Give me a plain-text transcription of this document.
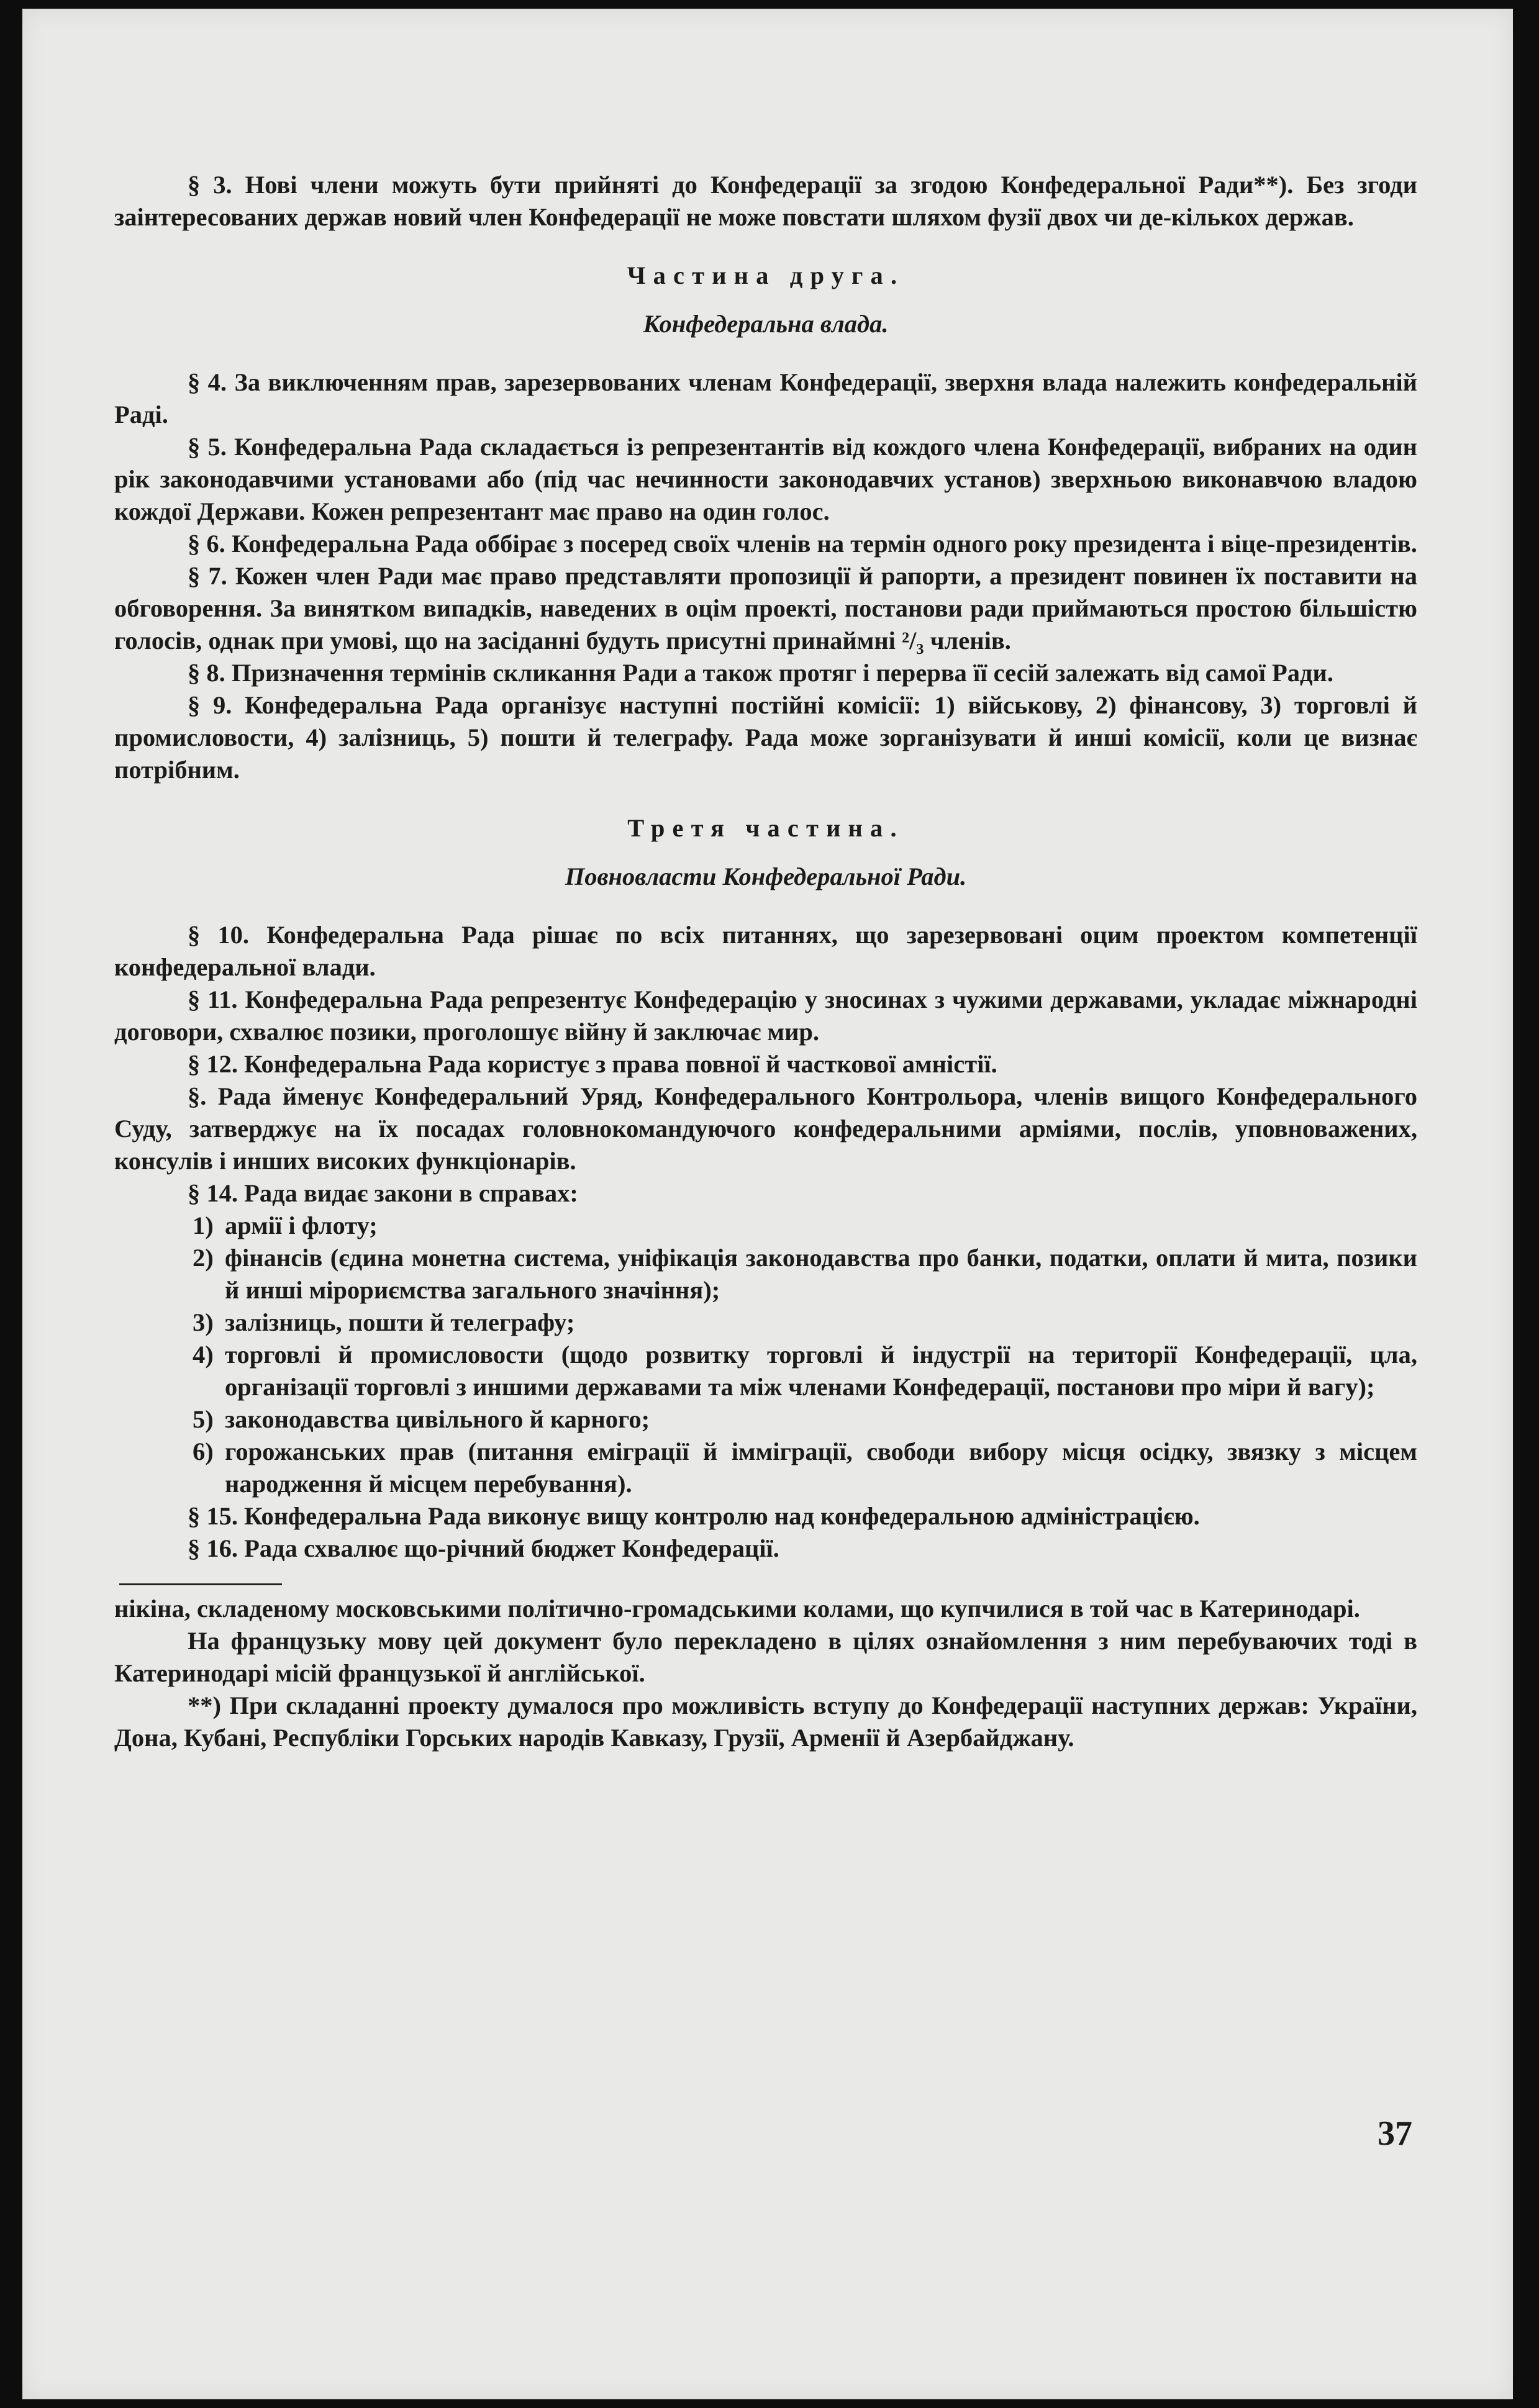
§ 3. Нові члени можуть бути прийняті до Конфедерації за згодою Конфедеральної Ради**). Без згоди заінтересованих держав новий член Конфедерації не може повстати шляхом фузії двох чи де-кількох держав.

Частина друга.

Конфедеральна влада.

§ 4. За виключенням прав, зарезервованих членам Конфедерації, зверхня влада належить конфедеральній Раді.

§ 5. Конфедеральна Рада складається із репрезентантів від кождого члена Конфедерації, вибраних на один рік законодавчими установами або (під час нечинности законодавчих установ) зверхньою виконавчою владою кождої Держави. Кожен репрезентант має право на один голос.

§ 6. Конфедеральна Рада оббірає з посеред своїх членів на термін одного року президента і віце-президентів.

§ 7. Кожен член Ради має право представляти пропозиції й рапорти, а президент повинен їх поставити на обговорення. За винятком випадків, наведених в оцім проекті, постанови ради приймаються простою більшістю голосів, однак при умові, що на засіданні будуть присутні принаймні ²/₃ членів.

§ 8. Призначення термінів скликання Ради а також протяг і перерва її сесій залежать від самої Ради.

§ 9. Конфедеральна Рада організує наступні постійні комісії: 1) військову, 2) фінансову, 3) торговлі й промисловости, 4) залізниць, 5) пошти й телеграфу. Рада може зорганізувати й инші комісії, коли це визнає потрібним.

Третя частина.

Повновласти Конфедеральної Ради.

§ 10. Конфедеральна Рада рішає по всіх питаннях, що зарезервовані оцим проектом компетенції конфедеральної влади.

§ 11. Конфедеральна Рада репрезентує Конфедерацію у зносинах з чужими державами, укладає міжнародні договори, схвалює позики, проголошує війну й заключає мир.

§ 12. Конфедеральна Рада користує з права повної й часткової амністії.

§. Рада йменує Конфедеральний Уряд, Конфедерального Контрольора, членів вищого Конфедерального Суду, затверджує на їх посадах головнокомандуючого конфедеральними арміями, послів, уповноважених, консулів і инших високих функціонарів.

§ 14. Рада видає закони в справах:

1) армії і флоту;

2) фінансів (єдина монетна система, уніфікація законодавства про банки, податки, оплати й мита, позики й инші мірориємства загального значіння);

3) залізниць, пошти й телеграфу;

4) торговлі й промисловости (щодо розвитку торговлі й індустрії на території Конфедерації, цла, організації торговлі з иншими державами та між членами Конфедерації, постанови про міри й вагу);

5) законодавства цивільного й карного;

6) горожанських прав (питання еміграції й імміграції, свободи вибору місця осідку, звязку з місцем народження й місцем перебування).

§ 15. Конфедеральна Рада виконує вищу контролю над конфедеральною адміністрацією.

§ 16. Рада схвалює що-річний бюджет Конфедерації.

нікіна, складеному московськими політично-громадськими колами, що купчилися в той час в Катеринодарі.

На французьку мову цей документ було перекладено в цілях ознайомлення з ним перебуваючих тоді в Катеринодарі місій французької й англійської.

**) При складанні проекту думалося про можливість вступу до Конфедерації наступних держав: України, Дона, Кубані, Республіки Горських народів Кавказу, Грузії, Арменії й Азербайджану.

37
